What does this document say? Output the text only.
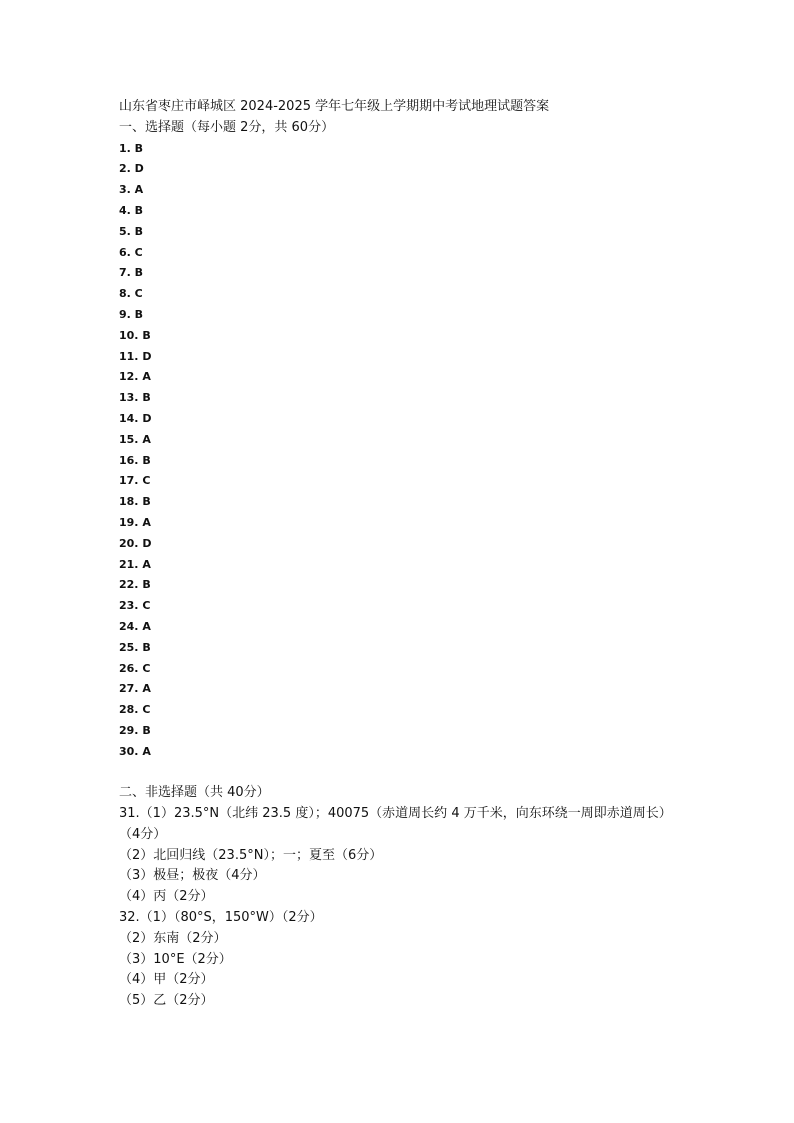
山东省枣庄市峄城区 2024-2025 学年七年级上学期期中考试地理试题答案
一、选择题（每小题 2分，共 60分）
1. B
2. D
3. A
4. B
5. B
6. C
7. B
8. C
9. B
10. B
11. D
12. A
13. B
14. D
15. A
16. B
17. C
18. B
19. A
20. D
21. A
22. B
23. C
24. A
25. B
26. C
27. A
28. C
29. B
30. A
二、非选择题（共 40分）
31.（1）23.5°N（北纬 23.5 度）；40075（赤道周长约 4 万千米，向东环绕一周即赤道周长）
（4分）
（2）北回归线（23.5°N）；一；夏至（6分）
（3）极昼；极夜（4分）
（4）丙（2分）
32.（1）（80°S，150°W）（2分）
（2）东南（2分）
（3）10°E（2分）
（4）甲（2分）
（5）乙（2分）
